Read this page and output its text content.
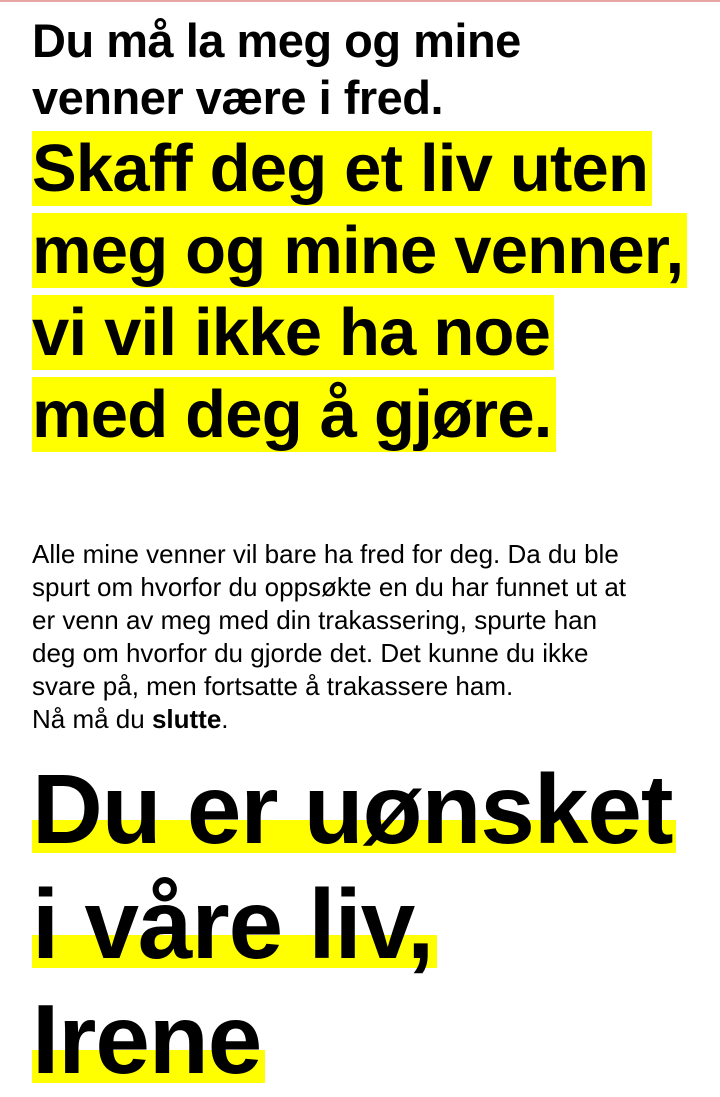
Du må la meg og mine
venner være i fred.
Skaff deg et liv uten
meg og mine venner,
vi vil ikke ha noe
med deg å gjøre.

Alle mine venner vil bare ha fred for deg. Da du ble
spurt om hvorfor du oppsøkte en du har funnet ut at
er venn av meg med din trakassering, spurte han
deg om hvorfor du gjorde det. Det kunne du ikke
svare på, men fortsatte å trakassere ham.
Nå må du slutte.

Du er uønsket
i våre liv,
Irene
